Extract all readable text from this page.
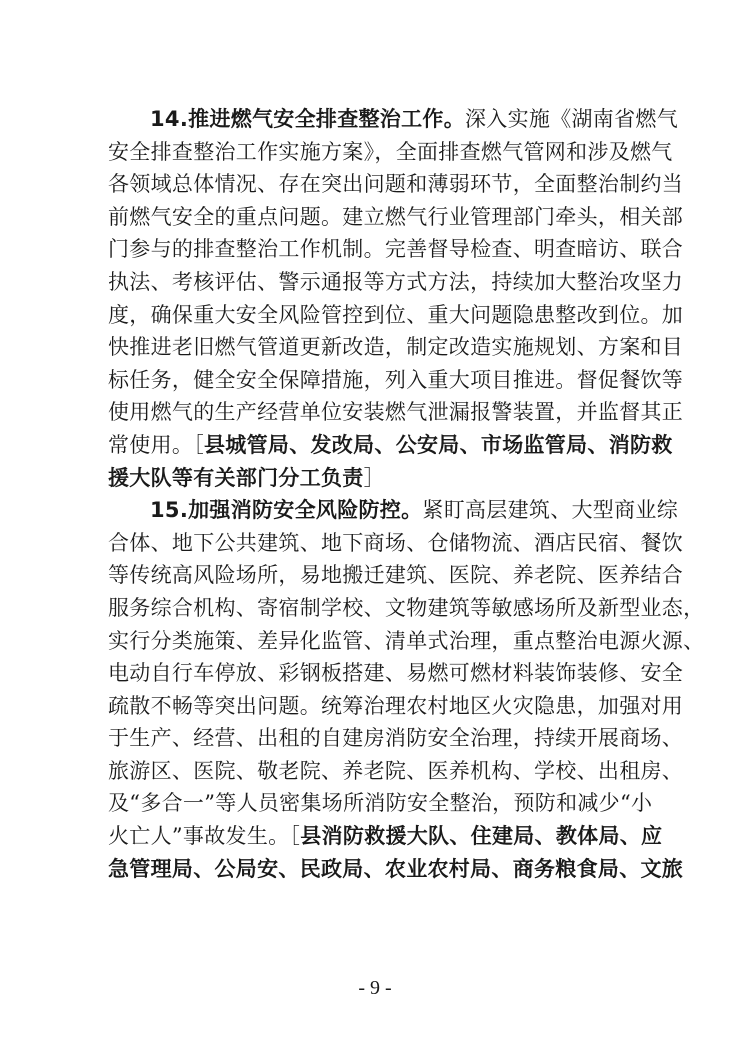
14.推进燃气安全排查整治工作。深入实施《湖南省燃气
安全排查整治工作实施方案》，全面排查燃气管网和涉及燃气
各领域总体情况、存在突出问题和薄弱环节，全面整治制约当
前燃气安全的重点问题。建立燃气行业管理部门牵头，相关部
门参与的排查整治工作机制。完善督导检查、明查暗访、联合
执法、考核评估、警示通报等方式方法，持续加大整治攻坚力
度，确保重大安全风险管控到位、重大问题隐患整改到位。加
快推进老旧燃气管道更新改造，制定改造实施规划、方案和目
标任务，健全安全保障措施，列入重大项目推进。督促餐饮等
使用燃气的生产经营单位安装燃气泄漏报警装置，并监督其正
常使用。［县城管局、发改局、公安局、市场监管局、消防救
援大队等有关部门分工负责］
15.加强消防安全风险防控。紧盯高层建筑、大型商业综
合体、地下公共建筑、地下商场、仓储物流、酒店民宿、餐饮
等传统高风险场所，易地搬迁建筑、医院、养老院、医养结合
服务综合机构、寄宿制学校、文物建筑等敏感场所及新型业态，
实行分类施策、差异化监管、清单式治理，重点整治电源火源、
电动自行车停放、彩钢板搭建、易燃可燃材料装饰装修、安全
疏散不畅等突出问题。统筹治理农村地区火灾隐患，加强对用
于生产、经营、出租的自建房消防安全治理，持续开展商场、
旅游区、医院、敬老院、养老院、医养机构、学校、出租房、
及“多合一”等人员密集场所消防安全整治，预防和减少“小
火亡人”事故发生。［县消防救援大队、住建局、教体局、应
急管理局、公局安、民政局、农业农村局、商务粮食局、文旅
- 9 -
